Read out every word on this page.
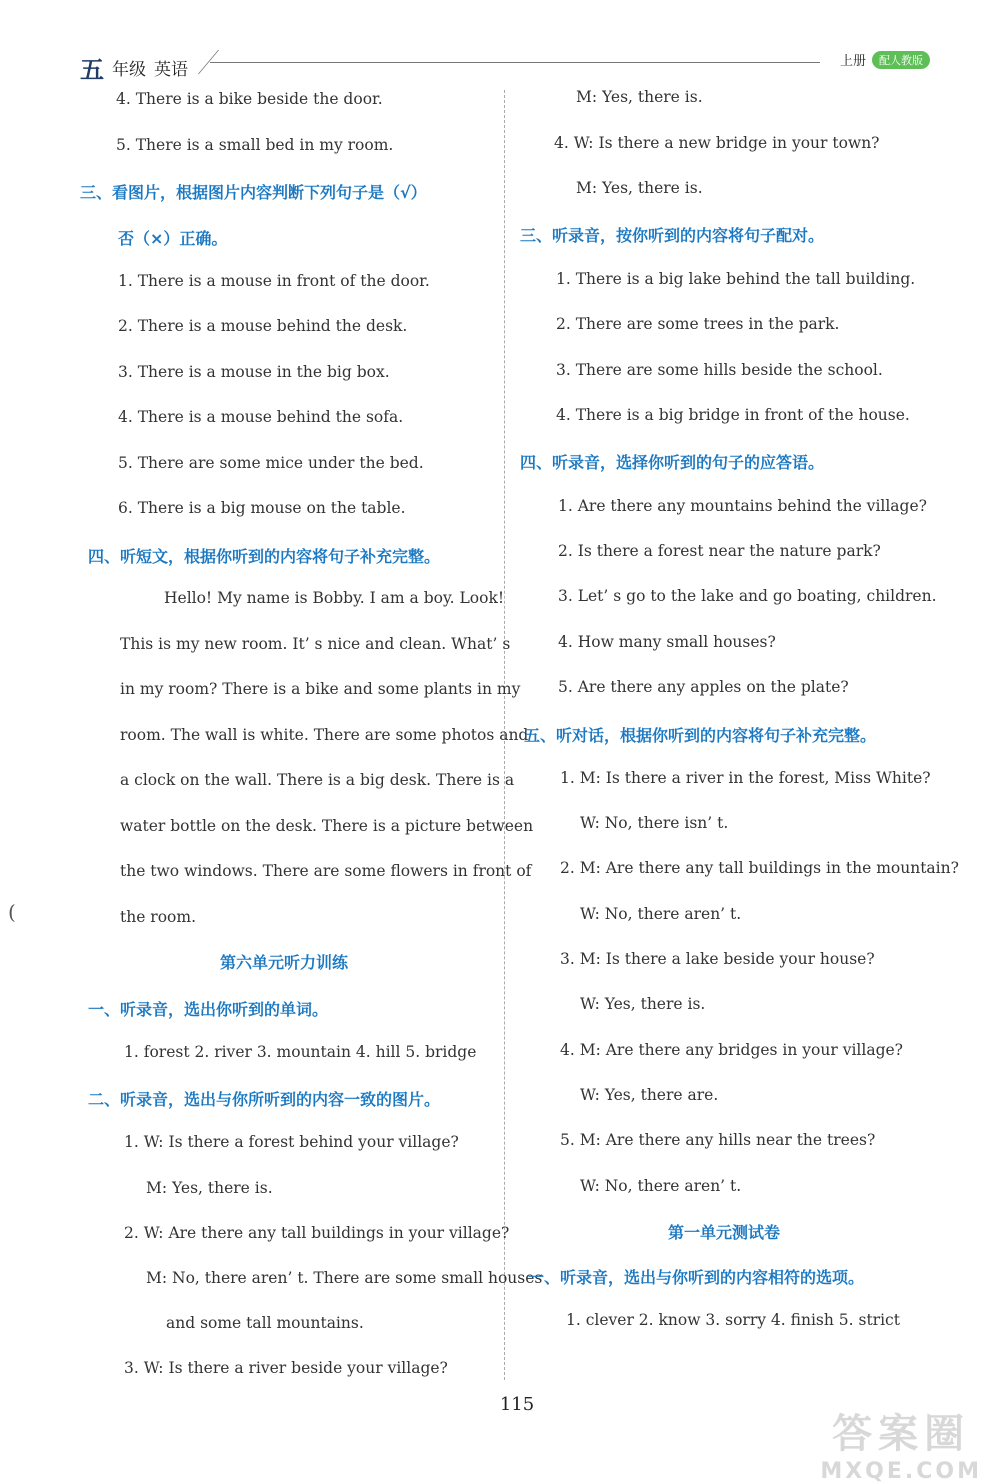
五 年级 英语	上册	配人教版
4. There is a bike beside the door.
5. There is a small bed in my room.
三、看图片，根据图片内容判断下列句子是（√）
否（×）正确。
1. There is a mouse in front of the door.
2. There is a mouse behind the desk.
3. There is a mouse in the big box.
4. There is a mouse behind the sofa.
5. There are some mice under the bed.
6. There is a big mouse on the table.
四、听短文，根据你听到的内容将句子补充完整。
Hello! My name is Bobby. I am a boy. Look!
This is my new room. It’ s nice and clean. What’ s
in my room? There is a bike and some plants in my
room. The wall is white. There are some photos and
a clock on the wall. There is a big desk. There is a
water bottle on the desk. There is a picture between
the two windows. There are some flowers in front of
the room.
第六单元听力训练
一、听录音，选出你听到的单词。
1. forest 2. river 3. mountain 4. hill 5. bridge
二、听录音，选出与你所听到的内容一致的图片。
1. W: Is there a forest behind your village?
M: Yes, there is.
2. W: Are there any tall buildings in your village?
M: No, there aren’ t. There are some small houses
and some tall mountains.
3. W: Is there a river beside your village?
M: Yes, there is.
4. W: Is there a new bridge in your town?
M: Yes, there is.
三、听录音，按你听到的内容将句子配对。
1. There is a big lake behind the tall building.
2. There are some trees in the park.
3. There are some hills beside the school.
4. There is a big bridge in front of the house.
四、听录音，选择你听到的句子的应答语。
1. Are there any mountains behind the village?
2. Is there a forest near the nature park?
3. Let’ s go to the lake and go boating, children.
4. How many small houses?
5. Are there any apples on the plate?
五、听对话，根据你听到的内容将句子补充完整。
1. M: Is there a river in the forest, Miss White?
W: No, there isn’ t.
2. M: Are there any tall buildings in the mountain?
W: No, there aren’ t.
3. M: Is there a lake beside your house?
W: Yes, there is.
4. M: Are there any bridges in your village?
W: Yes, there are.
5. M: Are there any hills near the trees?
W: No, there aren’ t.
第一单元测试卷
一、听录音，选出与你听到的内容相符的选项。
1. clever 2. know 3. sorry 4. finish 5. strict
(
115
答案圈
MXQE.COM
